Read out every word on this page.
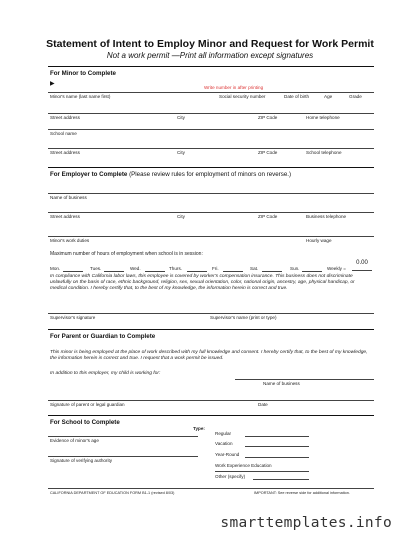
Statement of Intent to Employ Minor and Request for Work Permit
Not a work permit —Print all information except signatures
For Minor to Complete
▶
Write number in after printing
Minor's name (last name first)	Social security number	Date of birth	Age	Grade
Street address	City	ZIP Code	Home telephone
School name
Street address	City	ZIP Code	School telephone
For Employer to Complete (Please review rules for employment of minors on reverse.)
Name of business
Street address	City	ZIP Code	Business telephone
Minor's work duties	Hourly wage
Maximum number of hours of employment when school is in session:
Mon.	Tues.	Wed.	Thurs.	Fri.	Sat.	Sun.	Weekly =
0.00
In compliance with California labor laws, this employee is covered by worker's compensation insurance. This business does not discriminate unlawfully on the basis of race, ethnic background, religion, sex, sexual orientation, color, national origin, ancestry, age, physical handicap, or medical condition. I hereby certify that, to the best of my knowledge, the information herein is correct and true.
Supervisor's signature	Supervisor's name (print or type)
For Parent or Guardian to Complete
This minor is being employed at the place of work described with my full knowledge and consent. I hereby certify that, to the best of my knowledge, the information herein is correct and true. I request that a work permit be issued.
In addition to this employer, my child is working for:
Name of business
Signature of parent or legal guardian	Date
For School to Complete
Evidence of minor's age
Signature of verifying authority
Type:
Regular
Vacation
Year-Round
Work Experience Education
Other (specify)
CALIFORNIA DEPARTMENT OF EDUCATION FORM B1-1 (revised 8/03)	IMPORTANT: See reverse side for additional information.
smarttemplates.info
